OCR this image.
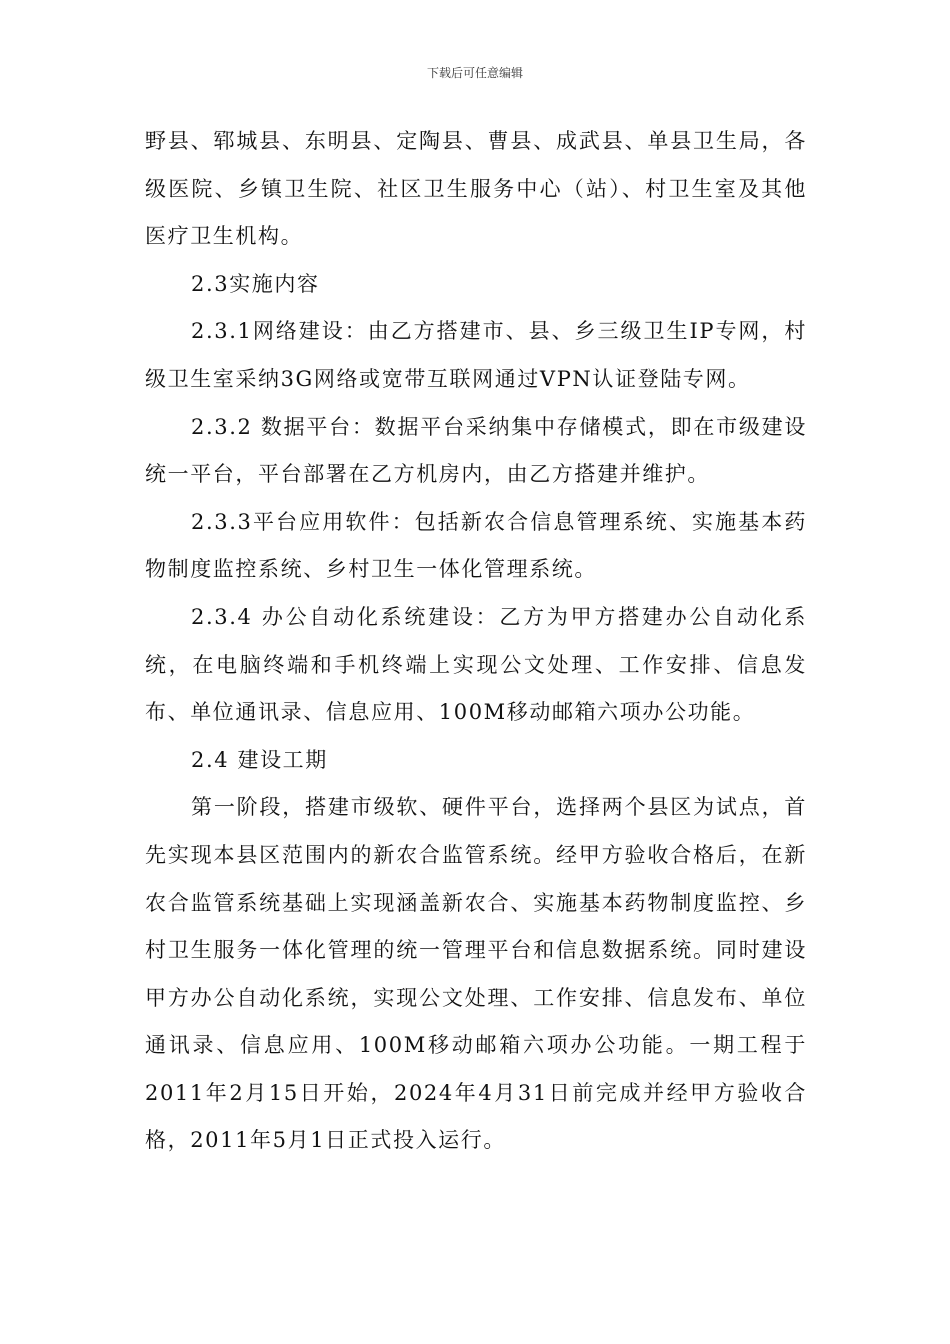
下载后可任意编辑

野县、郓城县、东明县、定陶县、曹县、成武县、单县卫生局，各级医院、乡镇卫生院、社区卫生服务中心（站）、村卫生室及其他医疗卫生机构。

2.3实施内容

2.3.1网络建设：由乙方搭建市、县、乡三级卫生IP专网，村级卫生室采纳3G网络或宽带互联网通过VPN认证登陆专网。

2.3.2 数据平台：数据平台采纳集中存储模式，即在市级建设统一平台，平台部署在乙方机房内，由乙方搭建并维护。

2.3.3平台应用软件：包括新农合信息管理系统、实施基本药物制度监控系统、乡村卫生一体化管理系统。

2.3.4 办公自动化系统建设：乙方为甲方搭建办公自动化系统，在电脑终端和手机终端上实现公文处理、工作安排、信息发布、单位通讯录、信息应用、100M移动邮箱六项办公功能。

2.4 建设工期

第一阶段，搭建市级软、硬件平台，选择两个县区为试点，首先实现本县区范围内的新农合监管系统。经甲方验收合格后，在新农合监管系统基础上实现涵盖新农合、实施基本药物制度监控、乡村卫生服务一体化管理的统一管理平台和信息数据系统。同时建设甲方办公自动化系统，实现公文处理、工作安排、信息发布、单位通讯录、信息应用、100M移动邮箱六项办公功能。一期工程于2011年2月15日开始，2024年4月31日前完成并经甲方验收合格，2011年5月1日正式投入运行。
